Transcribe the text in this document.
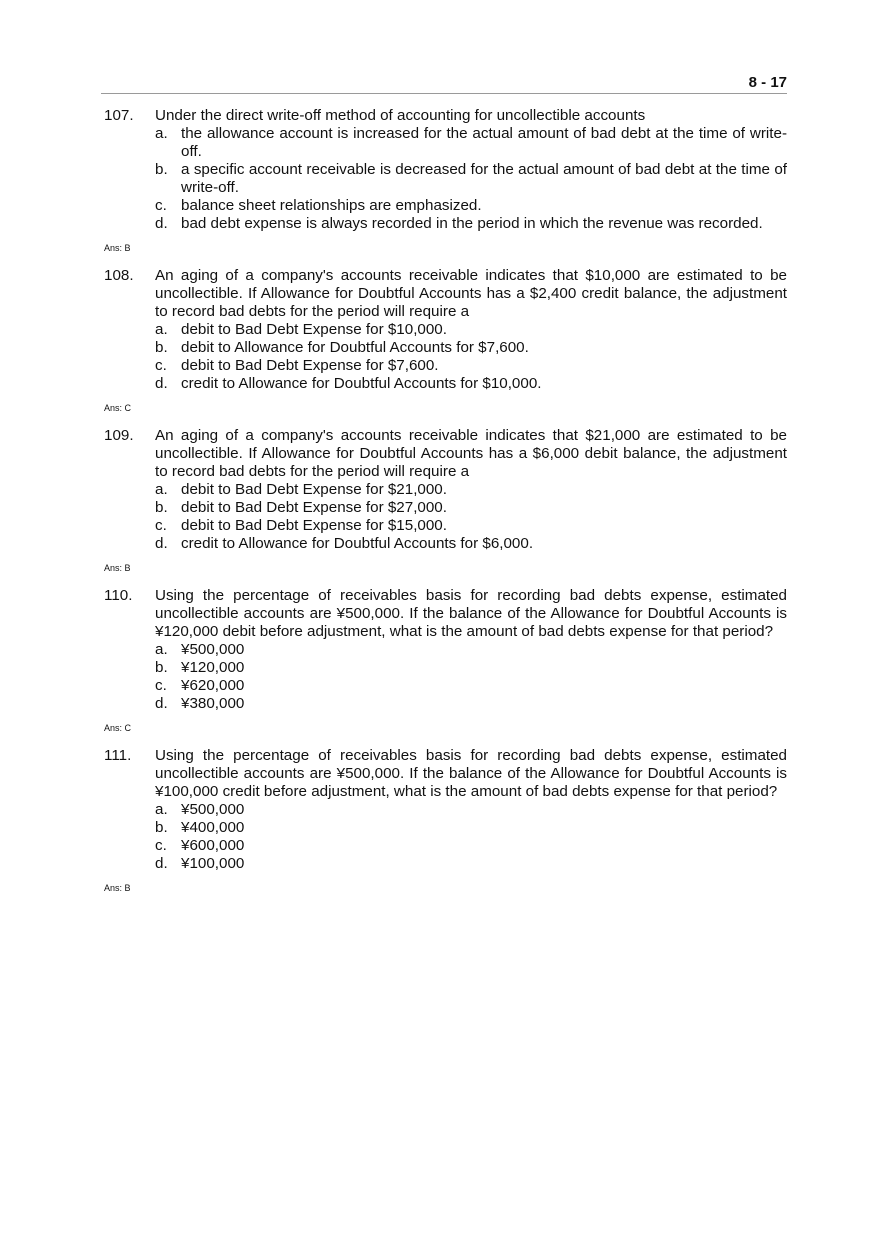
8 - 17
107.	Under the direct write-off method of accounting for uncollectible accounts
a. the allowance account is increased for the actual amount of bad debt at the time of write-off.
b. a specific account receivable is decreased for the actual amount of bad debt at the time of write-off.
c. balance sheet relationships are emphasized.
d. bad debt expense is always recorded in the period in which the revenue was recorded.
Ans: B
108.	An aging of a company's accounts receivable indicates that $10,000 are estimated to be uncollectible. If Allowance for Doubtful Accounts has a $2,400 credit balance, the adjustment to record bad debts for the period will require a
a. debit to Bad Debt Expense for $10,000.
b. debit to Allowance for Doubtful Accounts for $7,600.
c. debit to Bad Debt Expense for $7,600.
d. credit to Allowance for Doubtful Accounts for $10,000.
Ans: C
109.	An aging of a company's accounts receivable indicates that $21,000 are estimated to be uncollectible. If Allowance for Doubtful Accounts has a $6,000 debit balance, the adjustment to record bad debts for the period will require a
a. debit to Bad Debt Expense for $21,000.
b. debit to Bad Debt Expense for $27,000.
c. debit to Bad Debt Expense for $15,000.
d. credit to Allowance for Doubtful Accounts for $6,000.
Ans: B
110.	Using the percentage of receivables basis for recording bad debts expense, estimated uncollectible accounts are ¥500,000. If the balance of the Allowance for Doubtful Accounts is ¥120,000 debit before adjustment, what is the amount of bad debts expense for that period?
a. ¥500,000
b. ¥120,000
c. ¥620,000
d. ¥380,000
Ans: C
111.	Using the percentage of receivables basis for recording bad debts expense, estimated uncollectible accounts are ¥500,000. If the balance of the Allowance for Doubtful Accounts is ¥100,000 credit before adjustment, what is the amount of bad debts expense for that period?
a. ¥500,000
b. ¥400,000
c. ¥600,000
d. ¥100,000
Ans: B
